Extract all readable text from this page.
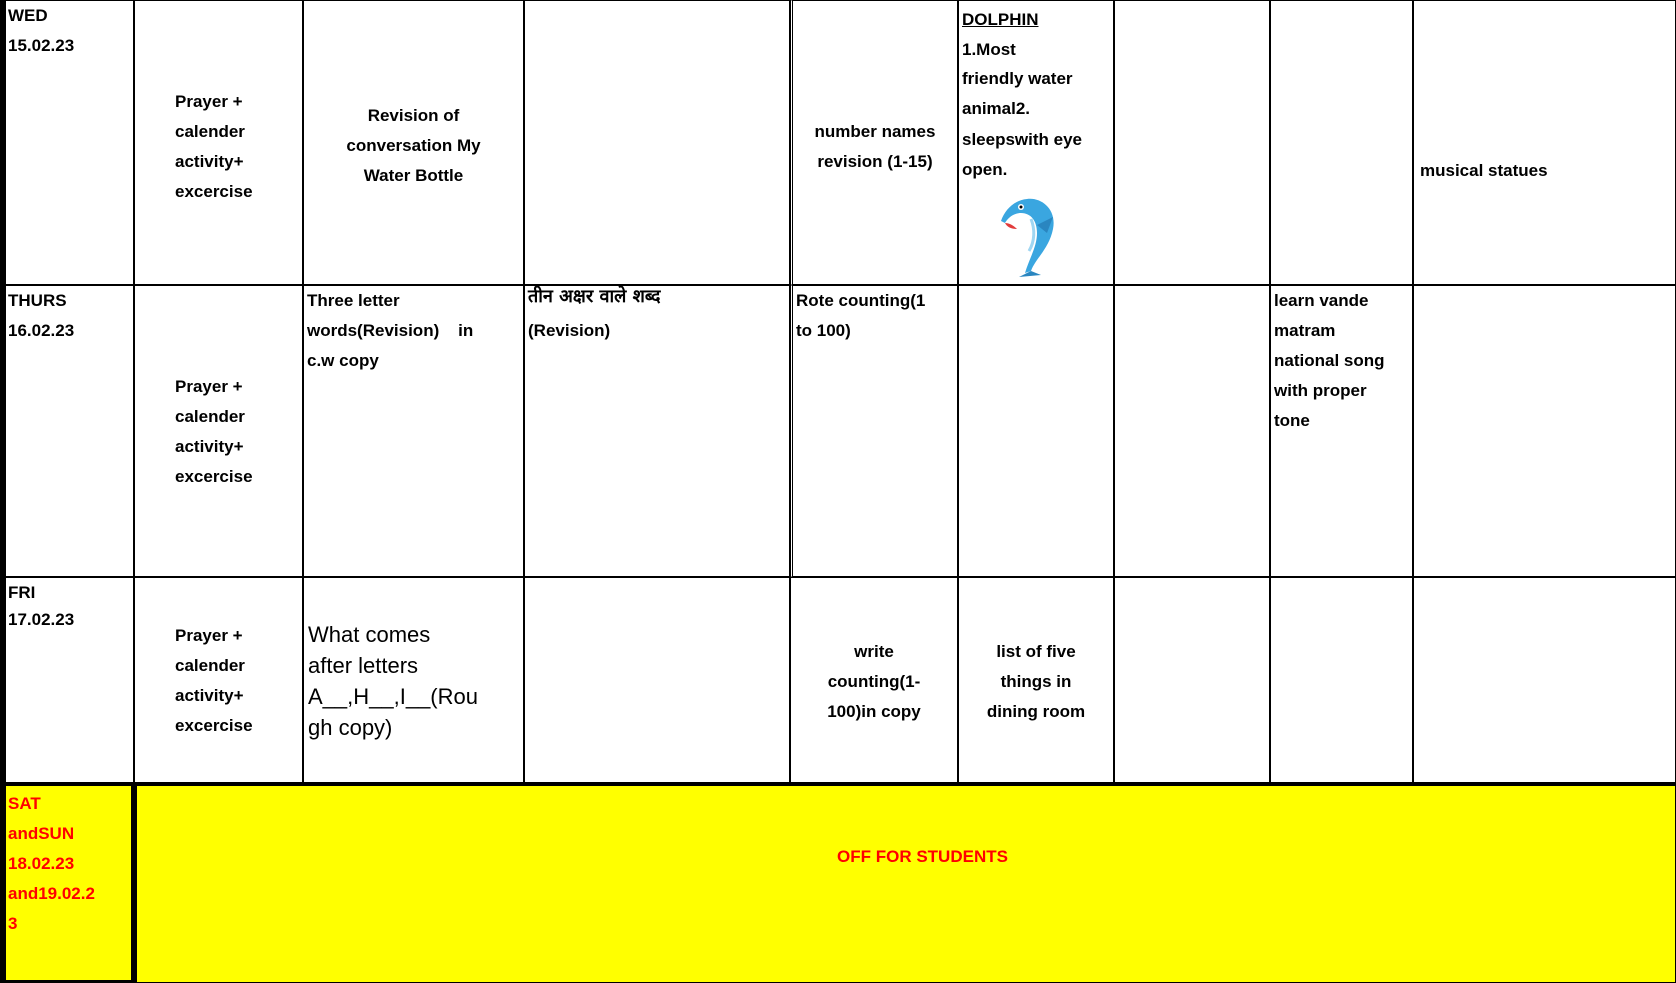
WED
15.02.23
Prayer +
calender
activity+
excercise
Revision of
conversation My
Water Bottle
number names
revision (1-15)
DOLPHIN
1.Most
friendly water
animal2.
sleepswith eye
open.	musical statues
THURS
16.02.23
Prayer +
calender
activity+
excercise
Three letter
words(Revision)    in
c.w copy
तीन अक्षर वाले शब्द
(Revision)
Rote counting(1
to 100)
learn vande
matram
national song
with proper
tone
FRI
17.02.23
Prayer +
calender
activity+
excercise
What comes
after letters
A__,H__,I__(Rou
gh copy)
write
counting(1-
100)in copy
list of five
things in
dining room
SAT
andSUN
18.02.23
and19.02.2
3
OFF FOR STUDENTS
